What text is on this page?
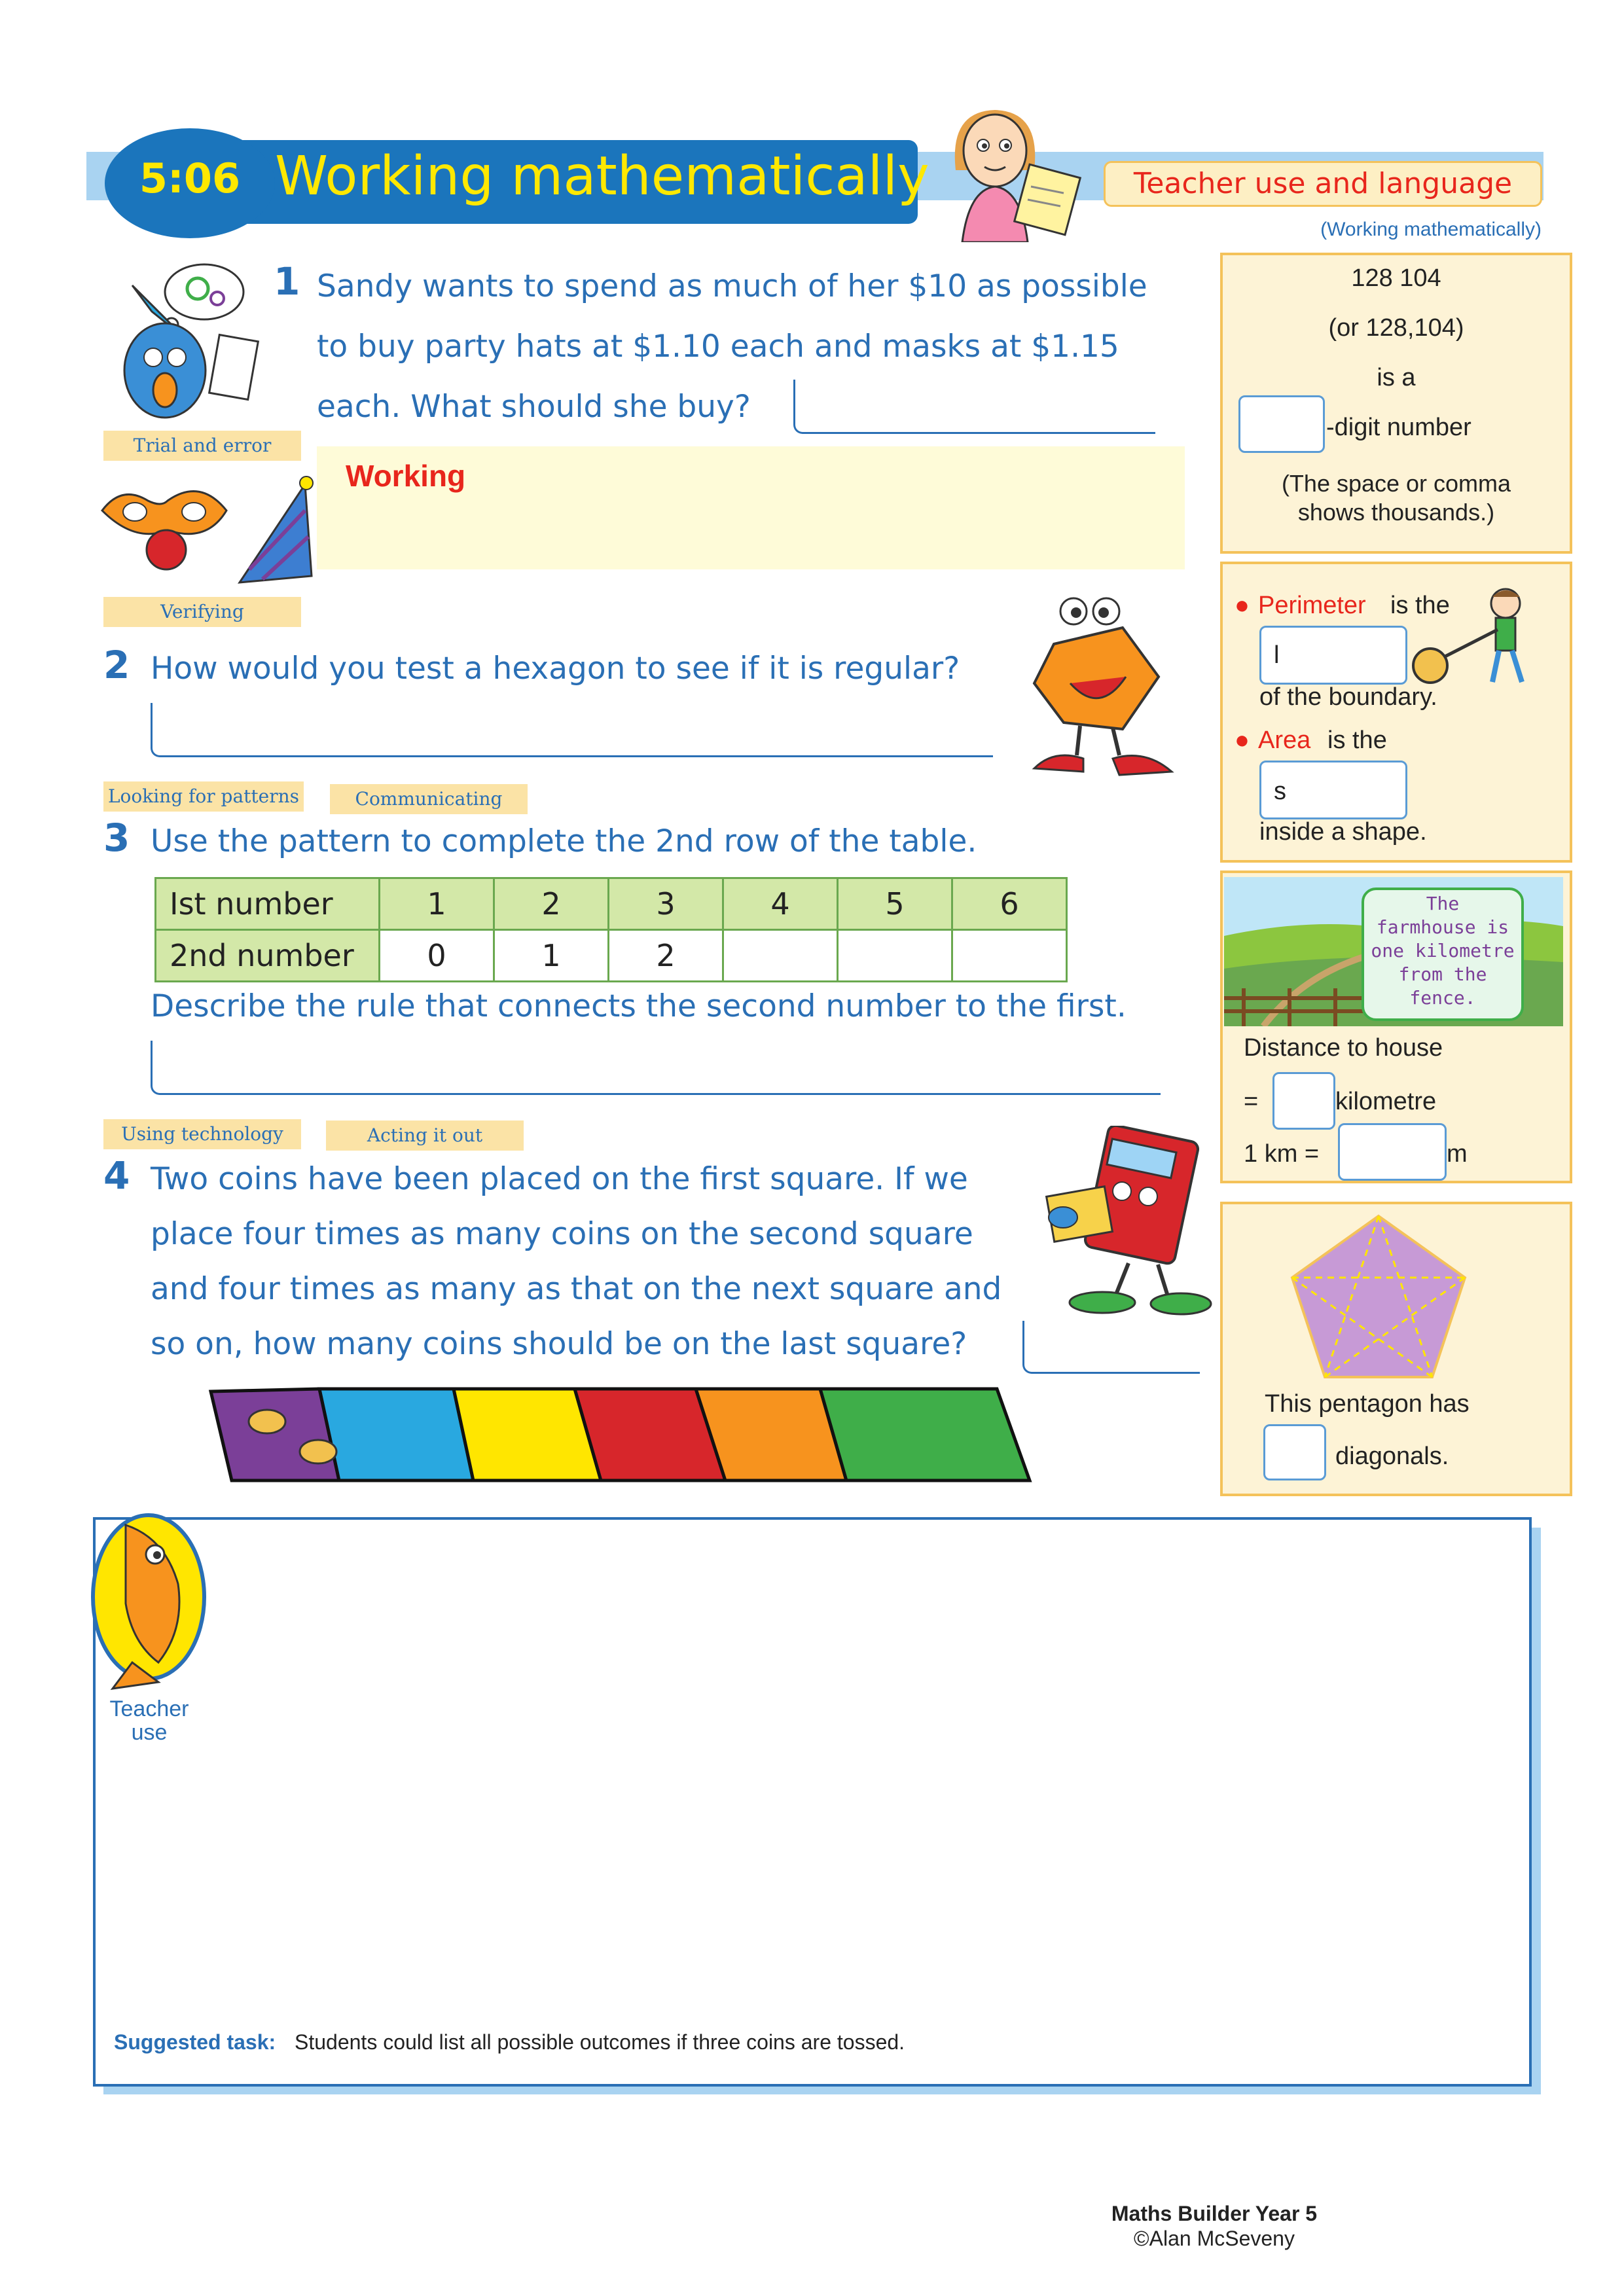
5:06 Working mathematically	Teacher use and language
(Working mathematically)
1 Sandy wants to spend as much of her $10 as possible
to buy party hats at $1.10 each and masks at $1.15
each. What should she buy?
Trial and error
Working
Verifying
2 How would you test a hexagon to see if it is regular?
Looking for patterns	Communicating
3 Use the pattern to complete the 2nd row of the table.
Ist number	1	2	3	4	5	6
2nd number	0	1	2			
Describe the rule that connects the second number to the first.
Using technology	Acting it out
4 Two coins have been placed on the first square. If we
place four times as many coins on the second square
and four times as many as that on the next square and
so on, how many coins should be on the last square?
128 104
(or 128,104)
is a
-digit number
(The space or comma
shows thousands.)
● Perimeter is the
l
of the boundary.
● Area is the
s
inside a shape.
The
farmhouse is
one kilometre
from the
fence.
Distance to house
=	kilometre
1 km =	m
This pentagon has
diagonals.
Teacher
use
Suggested task: Students could list all possible outcomes if three coins are tossed.
Maths Builder Year 5
©Alan McSeveny
